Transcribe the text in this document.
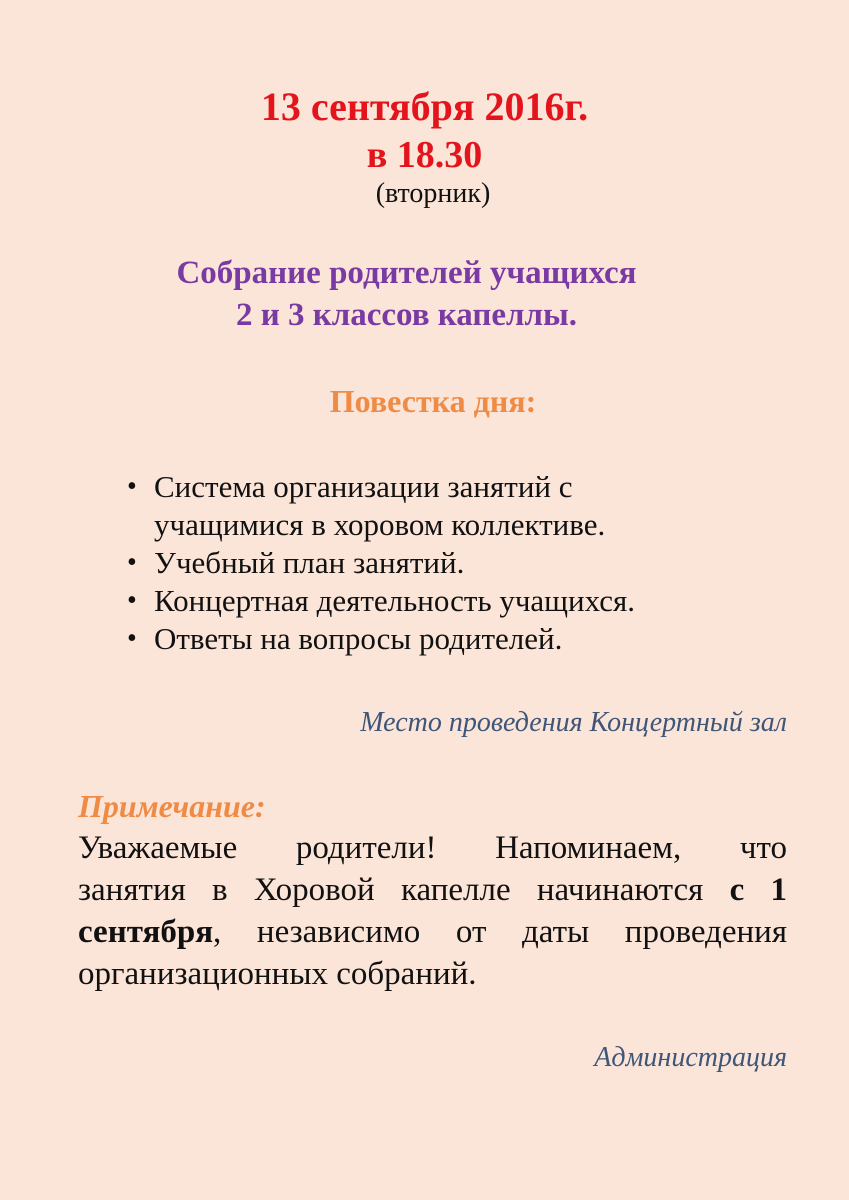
13 сентября 2016г.
в 18.30
(вторник)
Собрание родителей учащихся
2 и 3 классов капеллы.
Повестка дня:
• Система организации занятий с
учащимися в хоровом коллективе.
• Учебный план занятий.
• Концертная деятельность учащихся.
• Ответы на вопросы родителей.
Место проведения Концертный зал
Примечание:
Уважаемые родители! Напоминаем, что
занятия в Хоровой капелле начинаются с 1
сентября, независимо от даты проведения
организационных собраний.
Администрация
